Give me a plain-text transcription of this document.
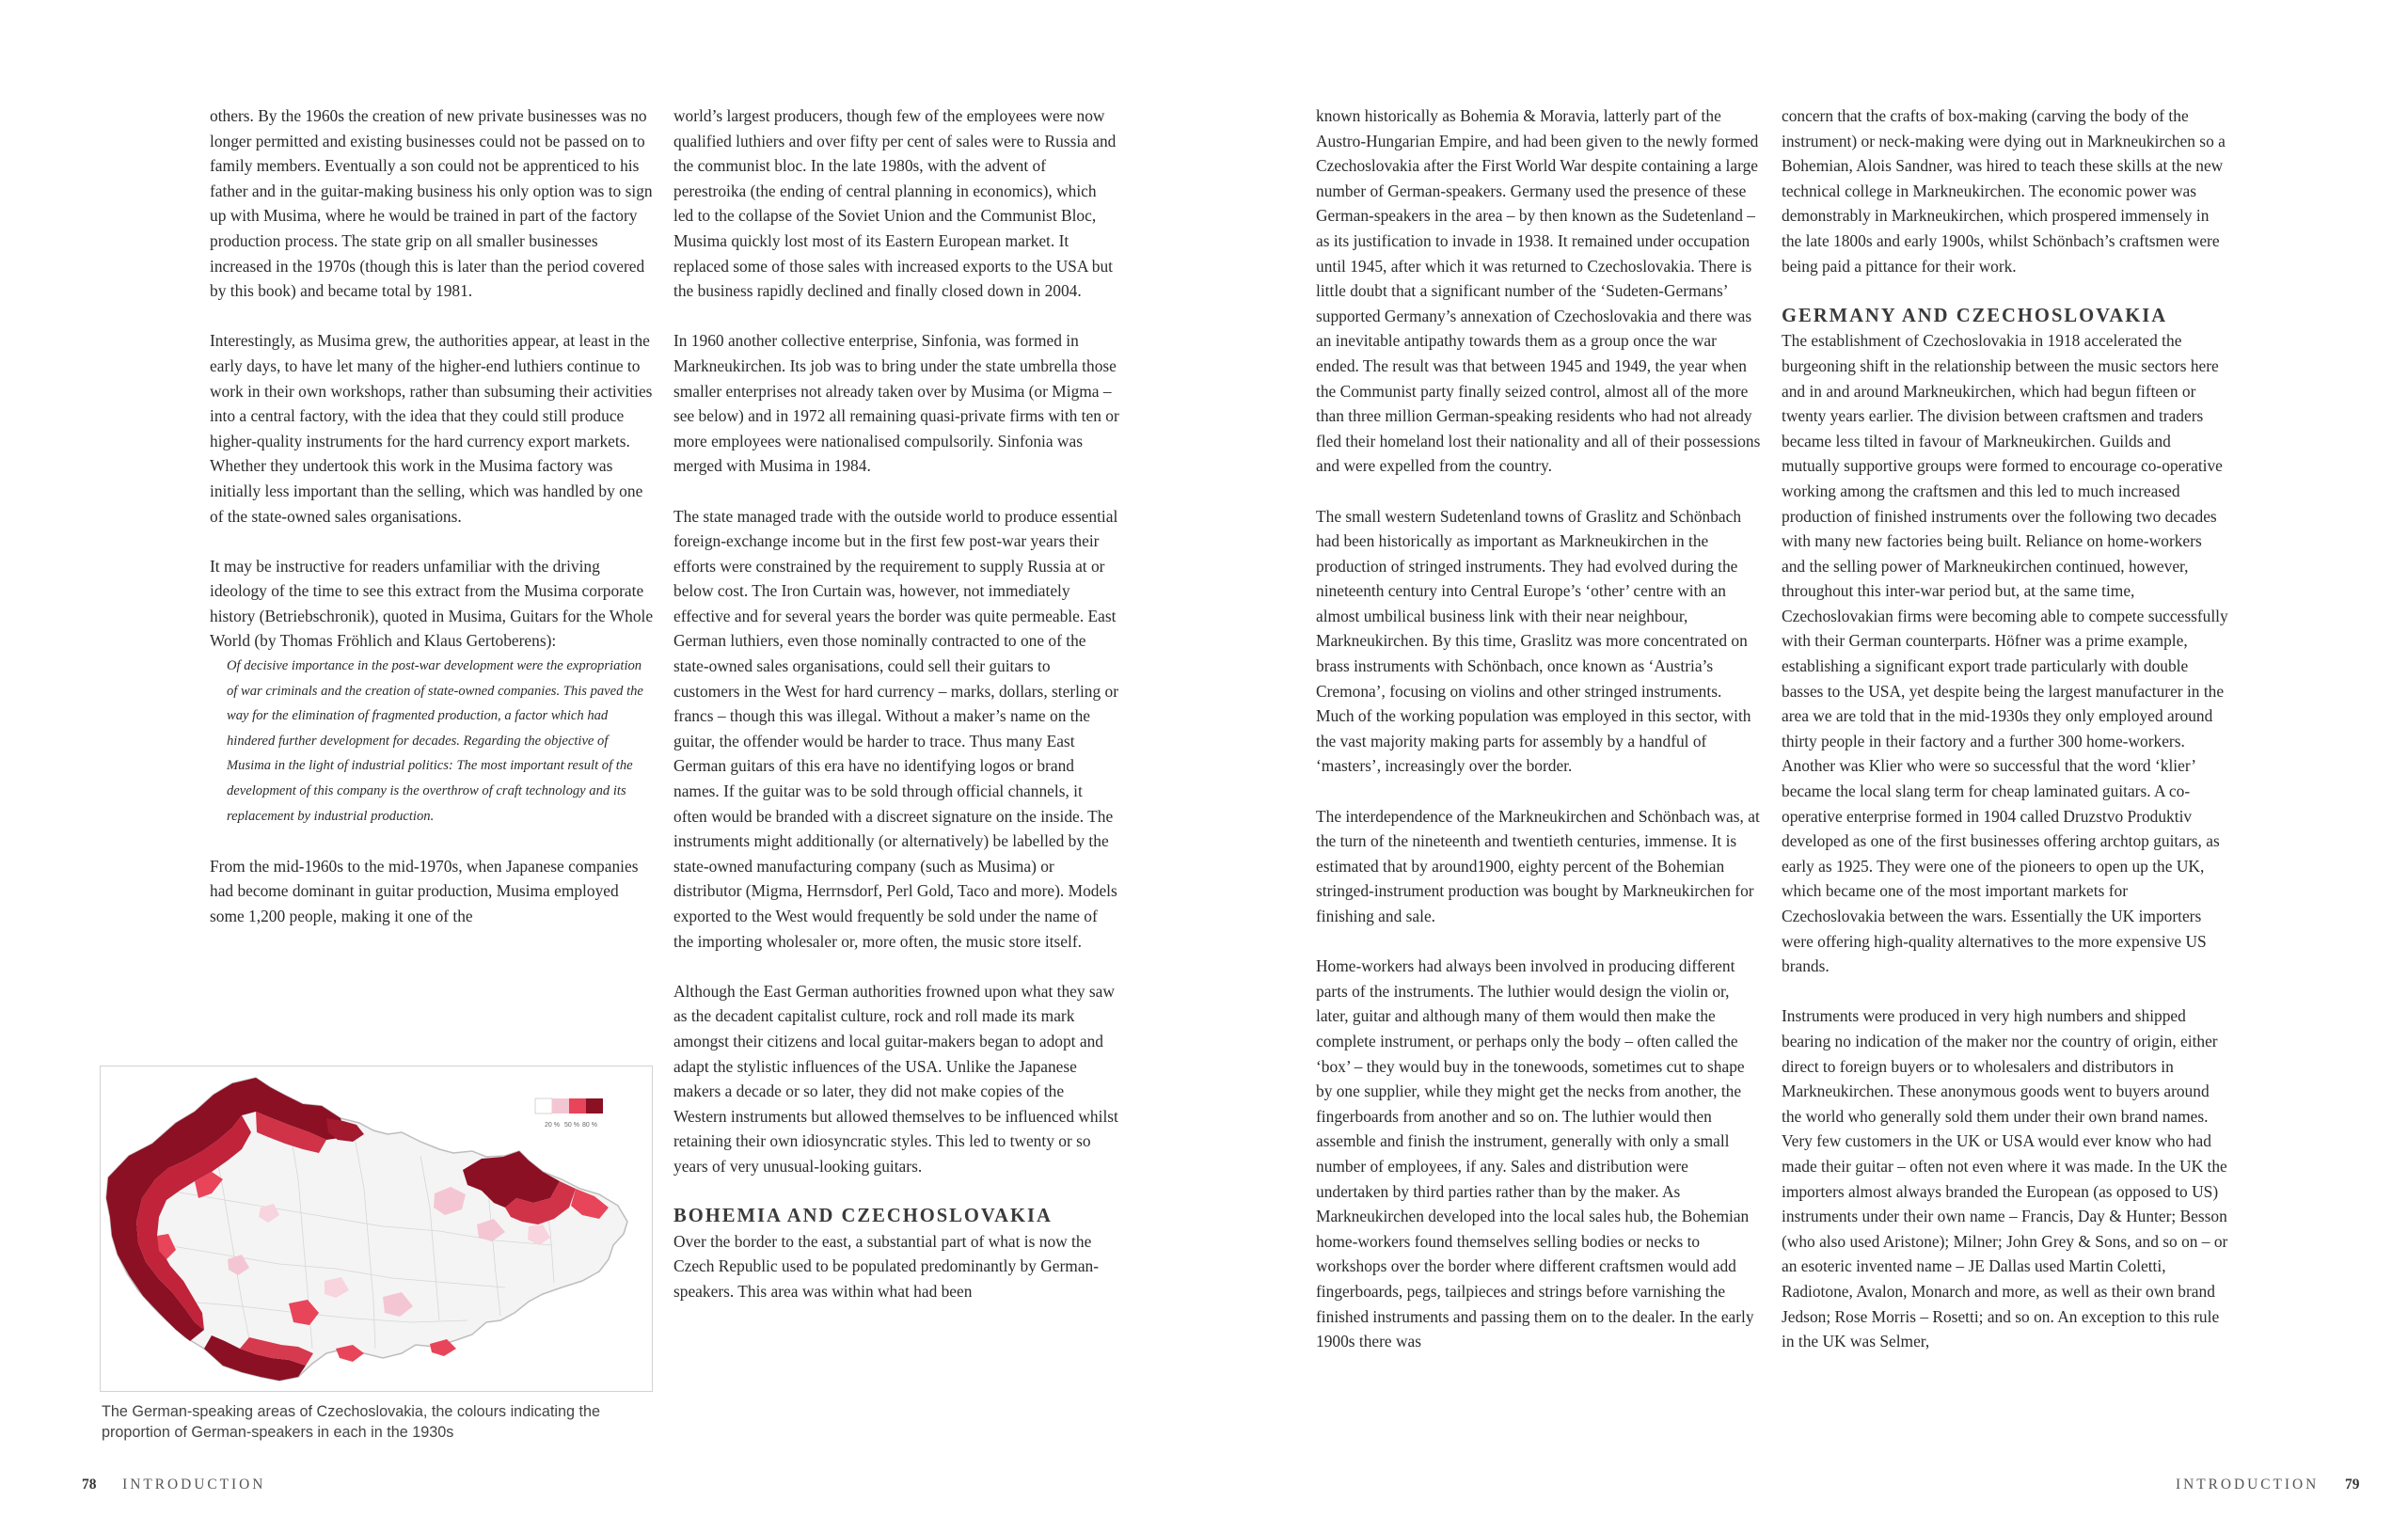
others. By the 1960s the creation of new private businesses was no longer permitted and existing businesses could not be passed on to family members. Eventually a son could not be apprenticed to his father and in the guitar-making business his only option was to sign up with Musima, where he would be trained in part of the factory production process. The state grip on all smaller businesses increased in the 1970s (though this is later than the period covered by this book) and became total by 1981.

Interestingly, as Musima grew, the authorities appear, at least in the early days, to have let many of the higher-end luthiers continue to work in their own workshops, rather than subsuming their activities into a central factory, with the idea that they could still produce higher-quality instruments for the hard currency export markets. Whether they undertook this work in the Musima factory was initially less important than the selling, which was handled by one of the state-owned sales organisations.

It may be instructive for readers unfamiliar with the driving ideology of the time to see this extract from the Musima corporate history (Betriebschronik), quoted in Musima, Guitars for the Whole World (by Thomas Fröhlich and Klaus Gertoberens):

Of decisive importance in the post-war development were the expropriation of war criminals and the creation of state-owned companies. This paved the way for the elimination of fragmented production, a factor which had hindered further development for decades. Regarding the objective of Musima in the light of industrial politics: The most important result of the development of this company is the overthrow of craft technology and its replacement by industrial production.

From the mid-1960s to the mid-1970s, when Japanese companies had become dominant in guitar production, Musima employed some 1,200 people, making it one of the

20 % 50 % 80 %
The German-speaking areas of Czechoslovakia, the colours indicating the proportion of German-speakers in each in the 1930s

world’s largest producers, though few of the employees were now qualified luthiers and over fifty per cent of sales were to Russia and the communist bloc. In the late 1980s, with the advent of perestroika (the ending of central planning in economics), which led to the collapse of the Soviet Union and the Communist Bloc, Musima quickly lost most of its Eastern European market. It replaced some of those sales with increased exports to the USA but the business rapidly declined and finally closed down in 2004.

In 1960 another collective enterprise, Sinfonia, was formed in Markneukirchen. Its job was to bring under the state umbrella those smaller enterprises not already taken over by Musima (or Migma – see below) and in 1972 all remaining quasi-private firms with ten or more employees were nationalised compulsorily. Sinfonia was merged with Musima in 1984.

The state managed trade with the outside world to produce essential foreign-exchange income but in the first few post-war years their efforts were constrained by the requirement to supply Russia at or below cost. The Iron Curtain was, however, not immediately effective and for several years the border was quite permeable. East German luthiers, even those nominally contracted to one of the state-owned sales organisations, could sell their guitars to customers in the West for hard currency – marks, dollars, sterling or francs – though this was illegal. Without a maker’s name on the guitar, the offender would be harder to trace. Thus many East German guitars of this era have no identifying logos or brand names. If the guitar was to be sold through official channels, it often would be branded with a discreet signature on the inside. The instruments might additionally (or alternatively) be labelled by the state-owned manufacturing company (such as Musima) or distributor (Migma, Herrnsdorf, Perl Gold, Taco and more). Models exported to the West would frequently be sold under the name of the importing wholesaler or, more often, the music store itself.

Although the East German authorities frowned upon what they saw as the decadent capitalist culture, rock and roll made its mark amongst their citizens and local guitar-makers began to adopt and adapt the stylistic influences of the USA. Unlike the Japanese makers a decade or so later, they did not make copies of the Western instruments but allowed themselves to be influenced whilst retaining their own idiosyncratic styles. This led to twenty or so years of very unusual-looking guitars.

BOHEMIA AND CZECHOSLOVAKIA

Over the border to the east, a substantial part of what is now the Czech Republic used to be populated predominantly by German-speakers. This area was within what had been

known historically as Bohemia & Moravia, latterly part of the Austro-Hungarian Empire, and had been given to the newly formed Czechoslovakia after the First World War despite containing a large number of German-speakers. Germany used the presence of these German-speakers in the area – by then known as the Sudetenland – as its justification to invade in 1938. It remained under occupation until 1945, after which it was returned to Czechoslovakia. There is little doubt that a significant number of the ‘Sudeten-Germans’ supported Germany’s annexation of Czechoslovakia and there was an inevitable antipathy towards them as a group once the war ended. The result was that between 1945 and 1949, the year when the Communist party finally seized control, almost all of the more than three million German-speaking residents who had not already fled their homeland lost their nationality and all of their possessions and were expelled from the country.

The small western Sudetenland towns of Graslitz and Schönbach had been historically as important as Markneukirchen in the production of stringed instruments. They had evolved during the nineteenth century into Central Europe’s ‘other’ centre with an almost umbilical business link with their near neighbour, Markneukirchen. By this time, Graslitz was more concentrated on brass instruments with Schönbach, once known as ‘Austria’s Cremona’, focusing on violins and other stringed instruments. Much of the working population was employed in this sector, with the vast majority making parts for assembly by a handful of ‘masters’, increasingly over the border.

The interdependence of the Markneukirchen and Schönbach was, at the turn of the nineteenth and twentieth centuries, immense. It is estimated that by around1900, eighty percent of the Bohemian stringed-instrument production was bought by Markneukirchen for finishing and sale.

Home-workers had always been involved in producing different parts of the instruments. The luthier would design the violin or, later, guitar and although many of them would then make the complete instrument, or perhaps only the body – often called the ‘box’ – they would buy in the tonewoods, sometimes cut to shape by one supplier, while they might get the necks from another, the fingerboards from another and so on. The luthier would then assemble and finish the instrument, generally with only a small number of employees, if any. Sales and distribution were undertaken by third parties rather than by the maker. As Markneukirchen developed into the local sales hub, the Bohemian home-workers found themselves selling bodies or necks to workshops over the border where different craftsmen would add fingerboards, pegs, tailpieces and strings before varnishing the finished instruments and passing them on to the dealer. In the early 1900s there was

concern that the crafts of box-making (carving the body of the instrument) or neck-making were dying out in Markneukirchen so a Bohemian, Alois Sandner, was hired to teach these skills at the new technical college in Markneukirchen. The economic power was demonstrably in Markneukirchen, which prospered immensely in the late 1800s and early 1900s, whilst Schönbach’s craftsmen were being paid a pittance for their work.

GERMANY AND CZECHOSLOVAKIA

The establishment of Czechoslovakia in 1918 accelerated the burgeoning shift in the relationship between the music sectors here and in and around Markneukirchen, which had begun fifteen or twenty years earlier. The division between craftsmen and traders became less tilted in favour of Markneukirchen. Guilds and mutually supportive groups were formed to encourage co-operative working among the craftsmen and this led to much increased production of finished instruments over the following two decades with many new factories being built. Reliance on home-workers and the selling power of Markneukirchen continued, however, throughout this inter-war period but, at the same time, Czechoslovakian firms were becoming able to compete successfully with their German counterparts. Höfner was a prime example, establishing a significant export trade particularly with double basses to the USA, yet despite being the largest manufacturer in the area we are told that in the mid-1930s they only employed around thirty people in their factory and a further 300 home-workers. Another was Klier who were so successful that the word ‘klier’ became the local slang term for cheap laminated guitars. A co-operative enterprise formed in 1904 called Druzstvo Produktiv developed as one of the first businesses offering archtop guitars, as early as 1925. They were one of the pioneers to open up the UK, which became one of the most important markets for Czechoslovakia between the wars. Essentially the UK importers were offering high-quality alternatives to the more expensive US brands.

Instruments were produced in very high numbers and shipped bearing no indication of the maker nor the country of origin, either direct to foreign buyers or to wholesalers and distributors in Markneukirchen. These anonymous goods went to buyers around the world who generally sold them under their own brand names. Very few customers in the UK or USA would ever know who had made their guitar – often not even where it was made. In the UK the importers almost always branded the European (as opposed to US) instruments under their own name – Francis, Day & Hunter; Besson (who also used Aristone); Milner; John Grey & Sons, and so on – or an esoteric invented name – JE Dallas used Martin Coletti, Radiotone, Avalon, Monarch and more, as well as their own brand Jedson; Rose Morris – Rosetti; and so on. An exception to this rule in the UK was Selmer,

78 INTRODUCTION	INTRODUCTION 79
